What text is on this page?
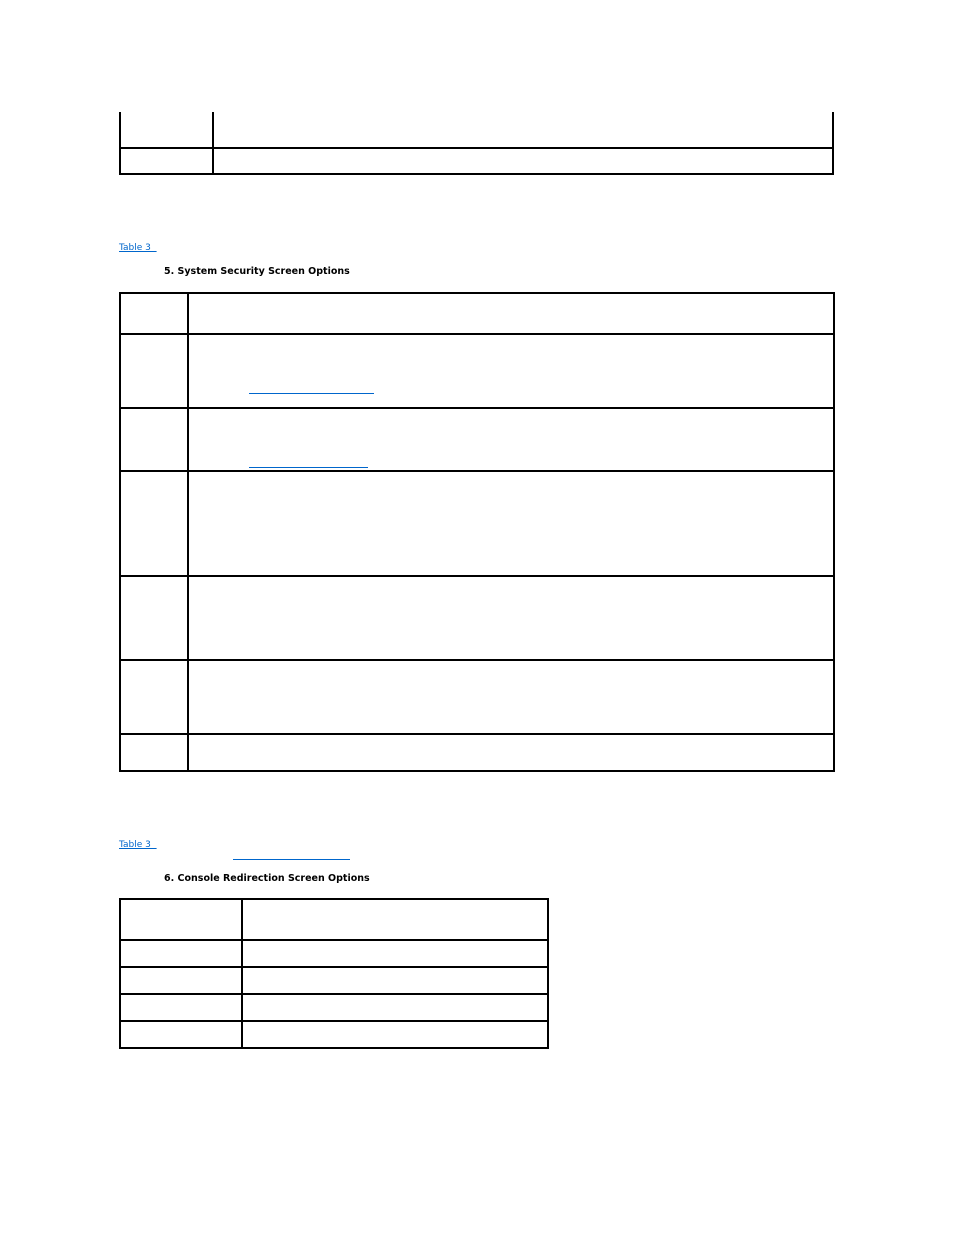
Table 3
5. System Security Screen Options
Table 3
6. Console Redirection Screen Options
